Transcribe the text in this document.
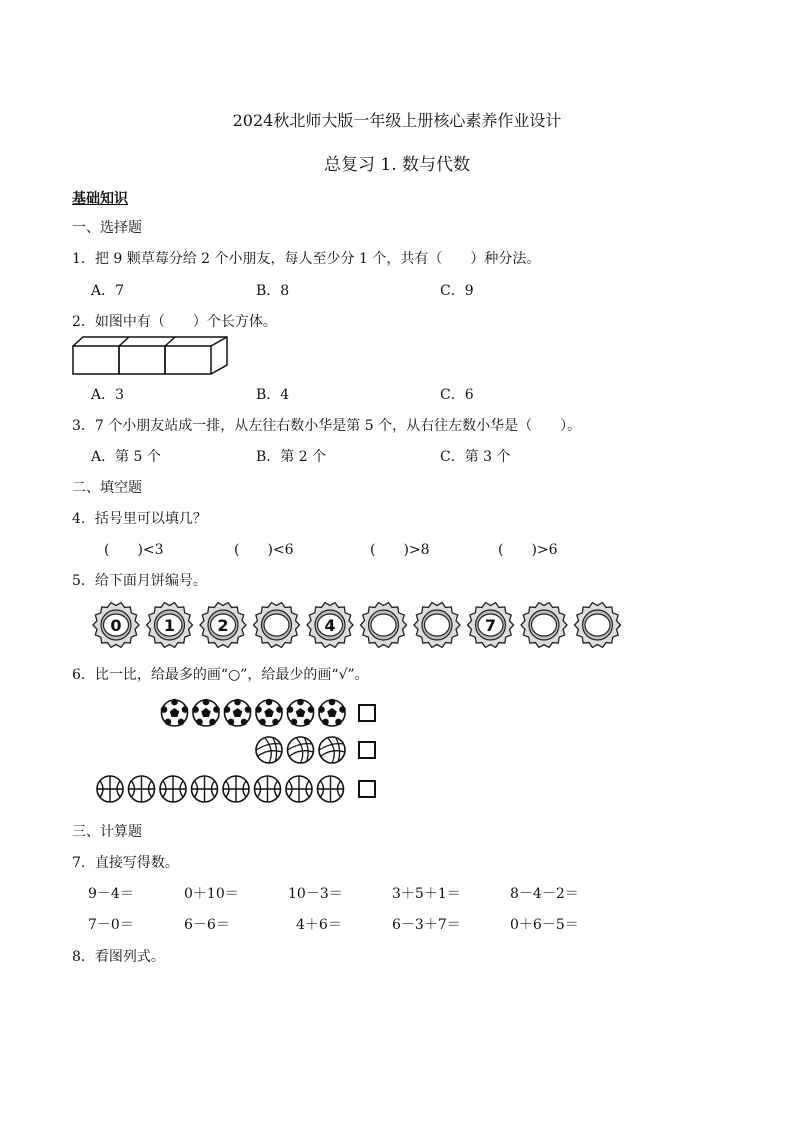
2024秋北师大版一年级上册核心素养作业设计
总复习 1. 数与代数
基础知识
一、选择题
1．把 9 颗草莓分给 2 个小朋友，每人至少分 1 个，共有（　　）种分法。
A．7	B．8	C．9
2．如图中有（　　）个长方体。
A．3	B．4	C．6
3．7 个小朋友站成一排，从左往右数小华是第 5 个，从右往左数小华是（　　）。
A．第 5 个	B．第 2 个	C．第 3 个
二、填空题
4．括号里可以填几？
(　　)<3	(　　)<6	(　　)>8	(　　)>6
5．给下面月饼编号。
0	1	2	4	7
6．比一比，给最多的画“○”，给最少的画“√”。
三、计算题
7．直接写得数。
9－4＝	0＋10＝	10－3＝	3＋5＋1＝	8－4－2＝
7－0＝	6－6＝	4＋6＝	6－3＋7＝	0＋6－5＝
8．看图列式。
